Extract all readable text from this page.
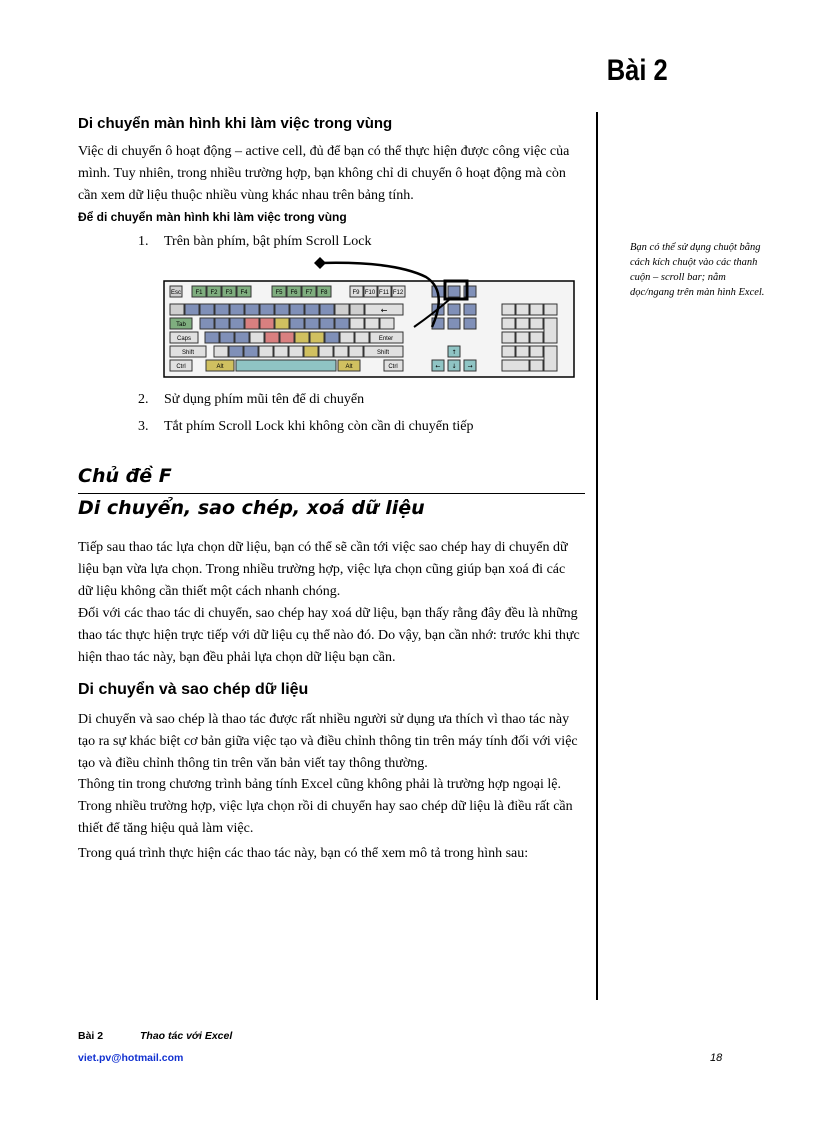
Bài 2
Di chuyển màn hình khi làm việc trong vùng
Việc di chuyển ô hoạt động – active cell, đủ để bạn có thể thực hiện được công việc của mình. Tuy nhiên, trong nhiều trường hợp, bạn không chỉ di chuyển ô hoạt động mà còn cần xem dữ liệu thuộc nhiều vùng khác nhau trên bảng tính.
Để di chuyển màn hình khi làm việc trong vùng
1. Trên bàn phím, bật phím Scroll Lock
Esc F1 F2 F3 F4	F5 F6 F7 F8	F9 F10 F11 F12
←
Tab
Caps	Enter
Shift	Shift	↑
Ctrl	Alt	Alt	Ctrl	← ↓ →
2. Sử dụng phím mũi tên để di chuyển
3. Tắt phím Scroll Lock khi không còn cần di chuyển tiếp
Bạn có thể sử dụng chuột bằng cách kích chuột vào các thanh cuộn – scroll bar; nằm dọc/ngang trên màn hình Excel.
Chủ đề F
Di chuyển, sao chép, xoá dữ liệu
Tiếp sau thao tác lựa chọn dữ liệu, bạn có thể sẽ cần tới việc sao chép hay di chuyển dữ liệu bạn vừa lựa chọn. Trong nhiều trường hợp, việc lựa chọn cũng giúp bạn xoá đi các dữ liệu không cần thiết một cách nhanh chóng.
Đối với các thao tác di chuyển, sao chép hay xoá dữ liệu, bạn thấy rằng đây đều là những thao tác thực hiện trực tiếp với dữ liệu cụ thể nào đó. Do vậy, bạn cần nhớ: trước khi thực hiện thao tác này, bạn đều phải lựa chọn dữ liệu bạn cần.
Di chuyển và sao chép dữ liệu
Di chuyển và sao chép là thao tác được rất nhiều người sử dụng ưa thích vì thao tác này tạo ra sự khác biệt cơ bản giữa việc tạo và điều chỉnh thông tin trên máy tính đối với việc tạo và điều chỉnh thông tin trên văn bản viết tay thông thường.
Thông tin trong chương trình bảng tính Excel cũng không phải là trường hợp ngoại lệ. Trong nhiều trường hợp, việc lựa chọn rồi di chuyển hay sao chép dữ liệu là điều rất cần thiết để tăng hiệu quả làm việc.
Trong quá trình thực hiện các thao tác này, bạn có thể xem mô tả trong hình sau:
Bài 2	Thao tác với Excel
viet.pv@hotmail.com	18
